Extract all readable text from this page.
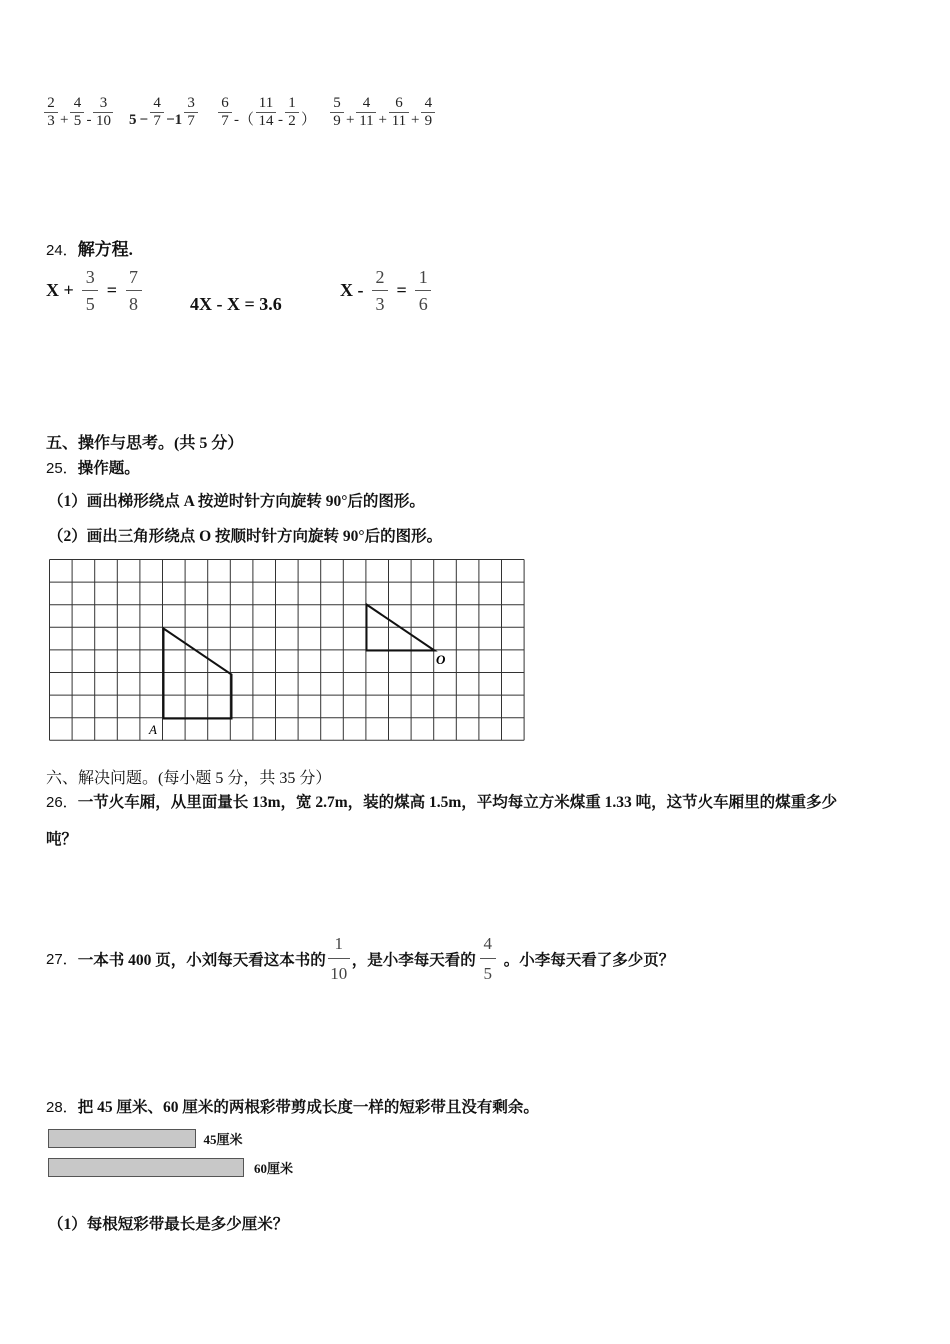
$\frac{2}{3} + \frac{4}{5} - \frac{3}{10} 5 - \frac{4}{7} -1 \frac{3}{7} \frac{6}{7}$ -（ $\frac{11}{14} - \frac{1}{2}$ ） $\frac{5}{9} + \frac{4}{11} + \frac{6}{11} + \frac{4}{9}$
24．解方程.
$X + \frac{3}{5} = \frac{7}{8}$	4X - X = 3.6
$X - \frac{2}{3} = \frac{1}{6}$
五、操作与思考。(共 5 分）
25．操作题。
（1）画出梯形绕点 A 按逆时针方向旋转 90°后的图形。
（2）画出三角形绕点 O 按顺时针方向旋转 90°后的图形。
A
O
六、解决问题。(每小题 5 分，共 35 分）
26．一节火车厢，从里面量长 13m，宽 2.7m，装的煤高 1.5m，平均每立方米煤重 1.33 吨，这节火车厢里的煤重多少
吨？
27． 一本书 400 页，小刘每天看这本书的 $\frac{1}{10}$ ，是小李每天看的 $\frac{4}{5}$ 。小李每天看了多少页？
28．把 45 厘米、60 厘米的两根彩带剪成长度一样的短彩带且没有剩余。
45厘米
60厘米
（1）每根短彩带最长是多少厘米？
